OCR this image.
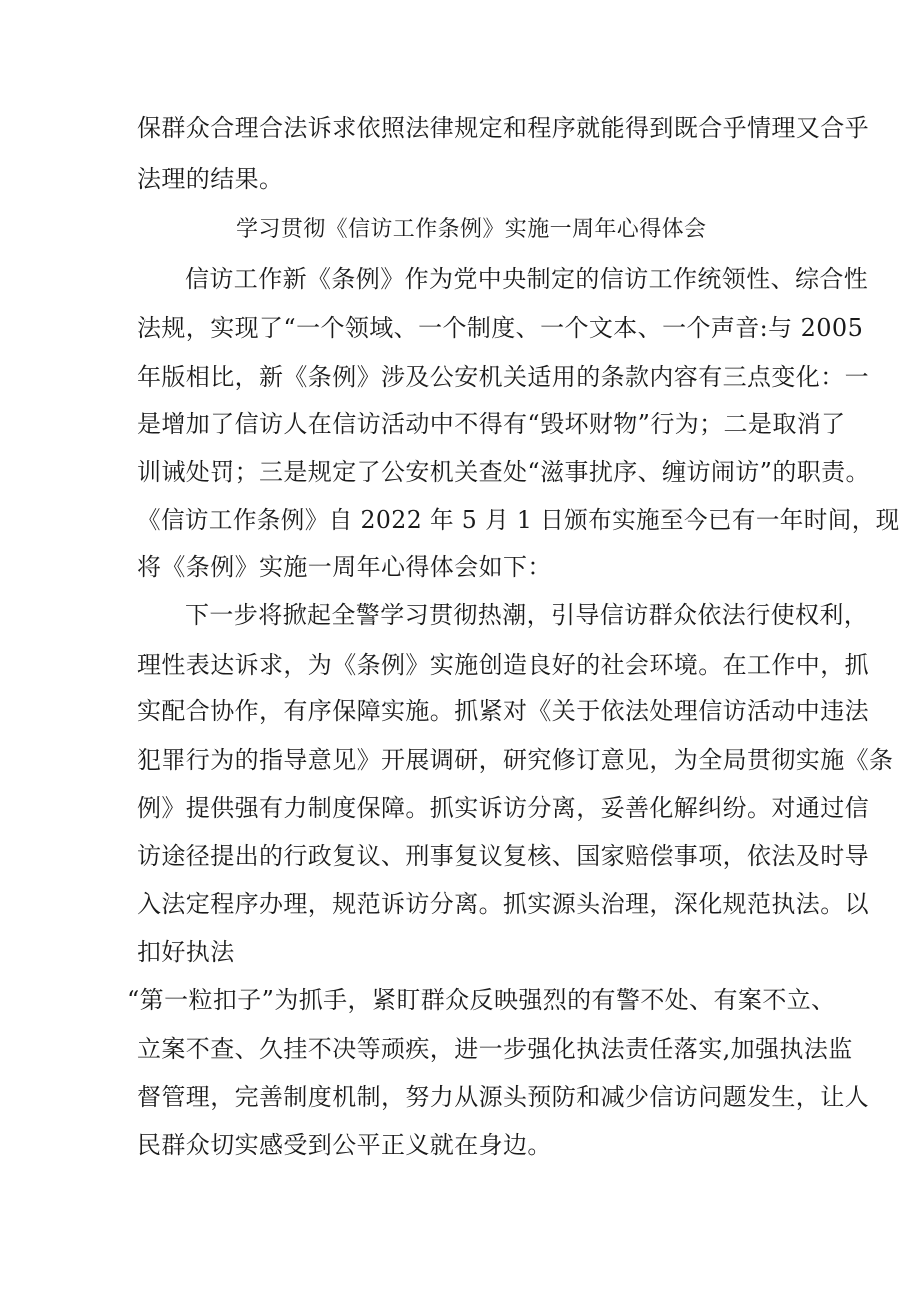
保群众合理合法诉求依照法律规定和程序就能得到既合乎情理又合乎
法理的结果。
学习贯彻《信访工作条例》实施一周年心得体会
信访工作新《条例》作为党中央制定的信访工作统领性、综合性
法规，实现了“一个领域、一个制度、一个文本、一个声音:与 2005
年版相比，新《条例》涉及公安机关适用的条款内容有三点变化：一
是增加了信访人在信访活动中不得有“毁坏财物”行为；二是取消了
训诫处罚；三是规定了公安机关查处“滋事扰序、缠访闹访”的职责。
《信访工作条例》自 2022 年 5 月 1 日颁布实施至今已有一年时间，现
将《条例》实施一周年心得体会如下：
下一步将掀起全警学习贯彻热潮，引导信访群众依法行使权利，
理性表达诉求，为《条例》实施创造良好的社会环境。在工作中，抓
实配合协作，有序保障实施。抓紧对《关于依法处理信访活动中违法
犯罪行为的指导意见》开展调研，研究修订意见，为全局贯彻实施《条
例》提供强有力制度保障。抓实诉访分离，妥善化解纠纷。对通过信
访途径提出的行政复议、刑事复议复核、国家赔偿事项，依法及时导
入法定程序办理，规范诉访分离。抓实源头治理，深化规范执法。以
扣好执法
“第一粒扣子”为抓手，紧盯群众反映强烈的有警不处、有案不立、
立案不查、久挂不决等顽疾，进一步强化执法责任落实,加强执法监
督管理，完善制度机制，努力从源头预防和减少信访问题发生，让人
民群众切实感受到公平正义就在身边。
